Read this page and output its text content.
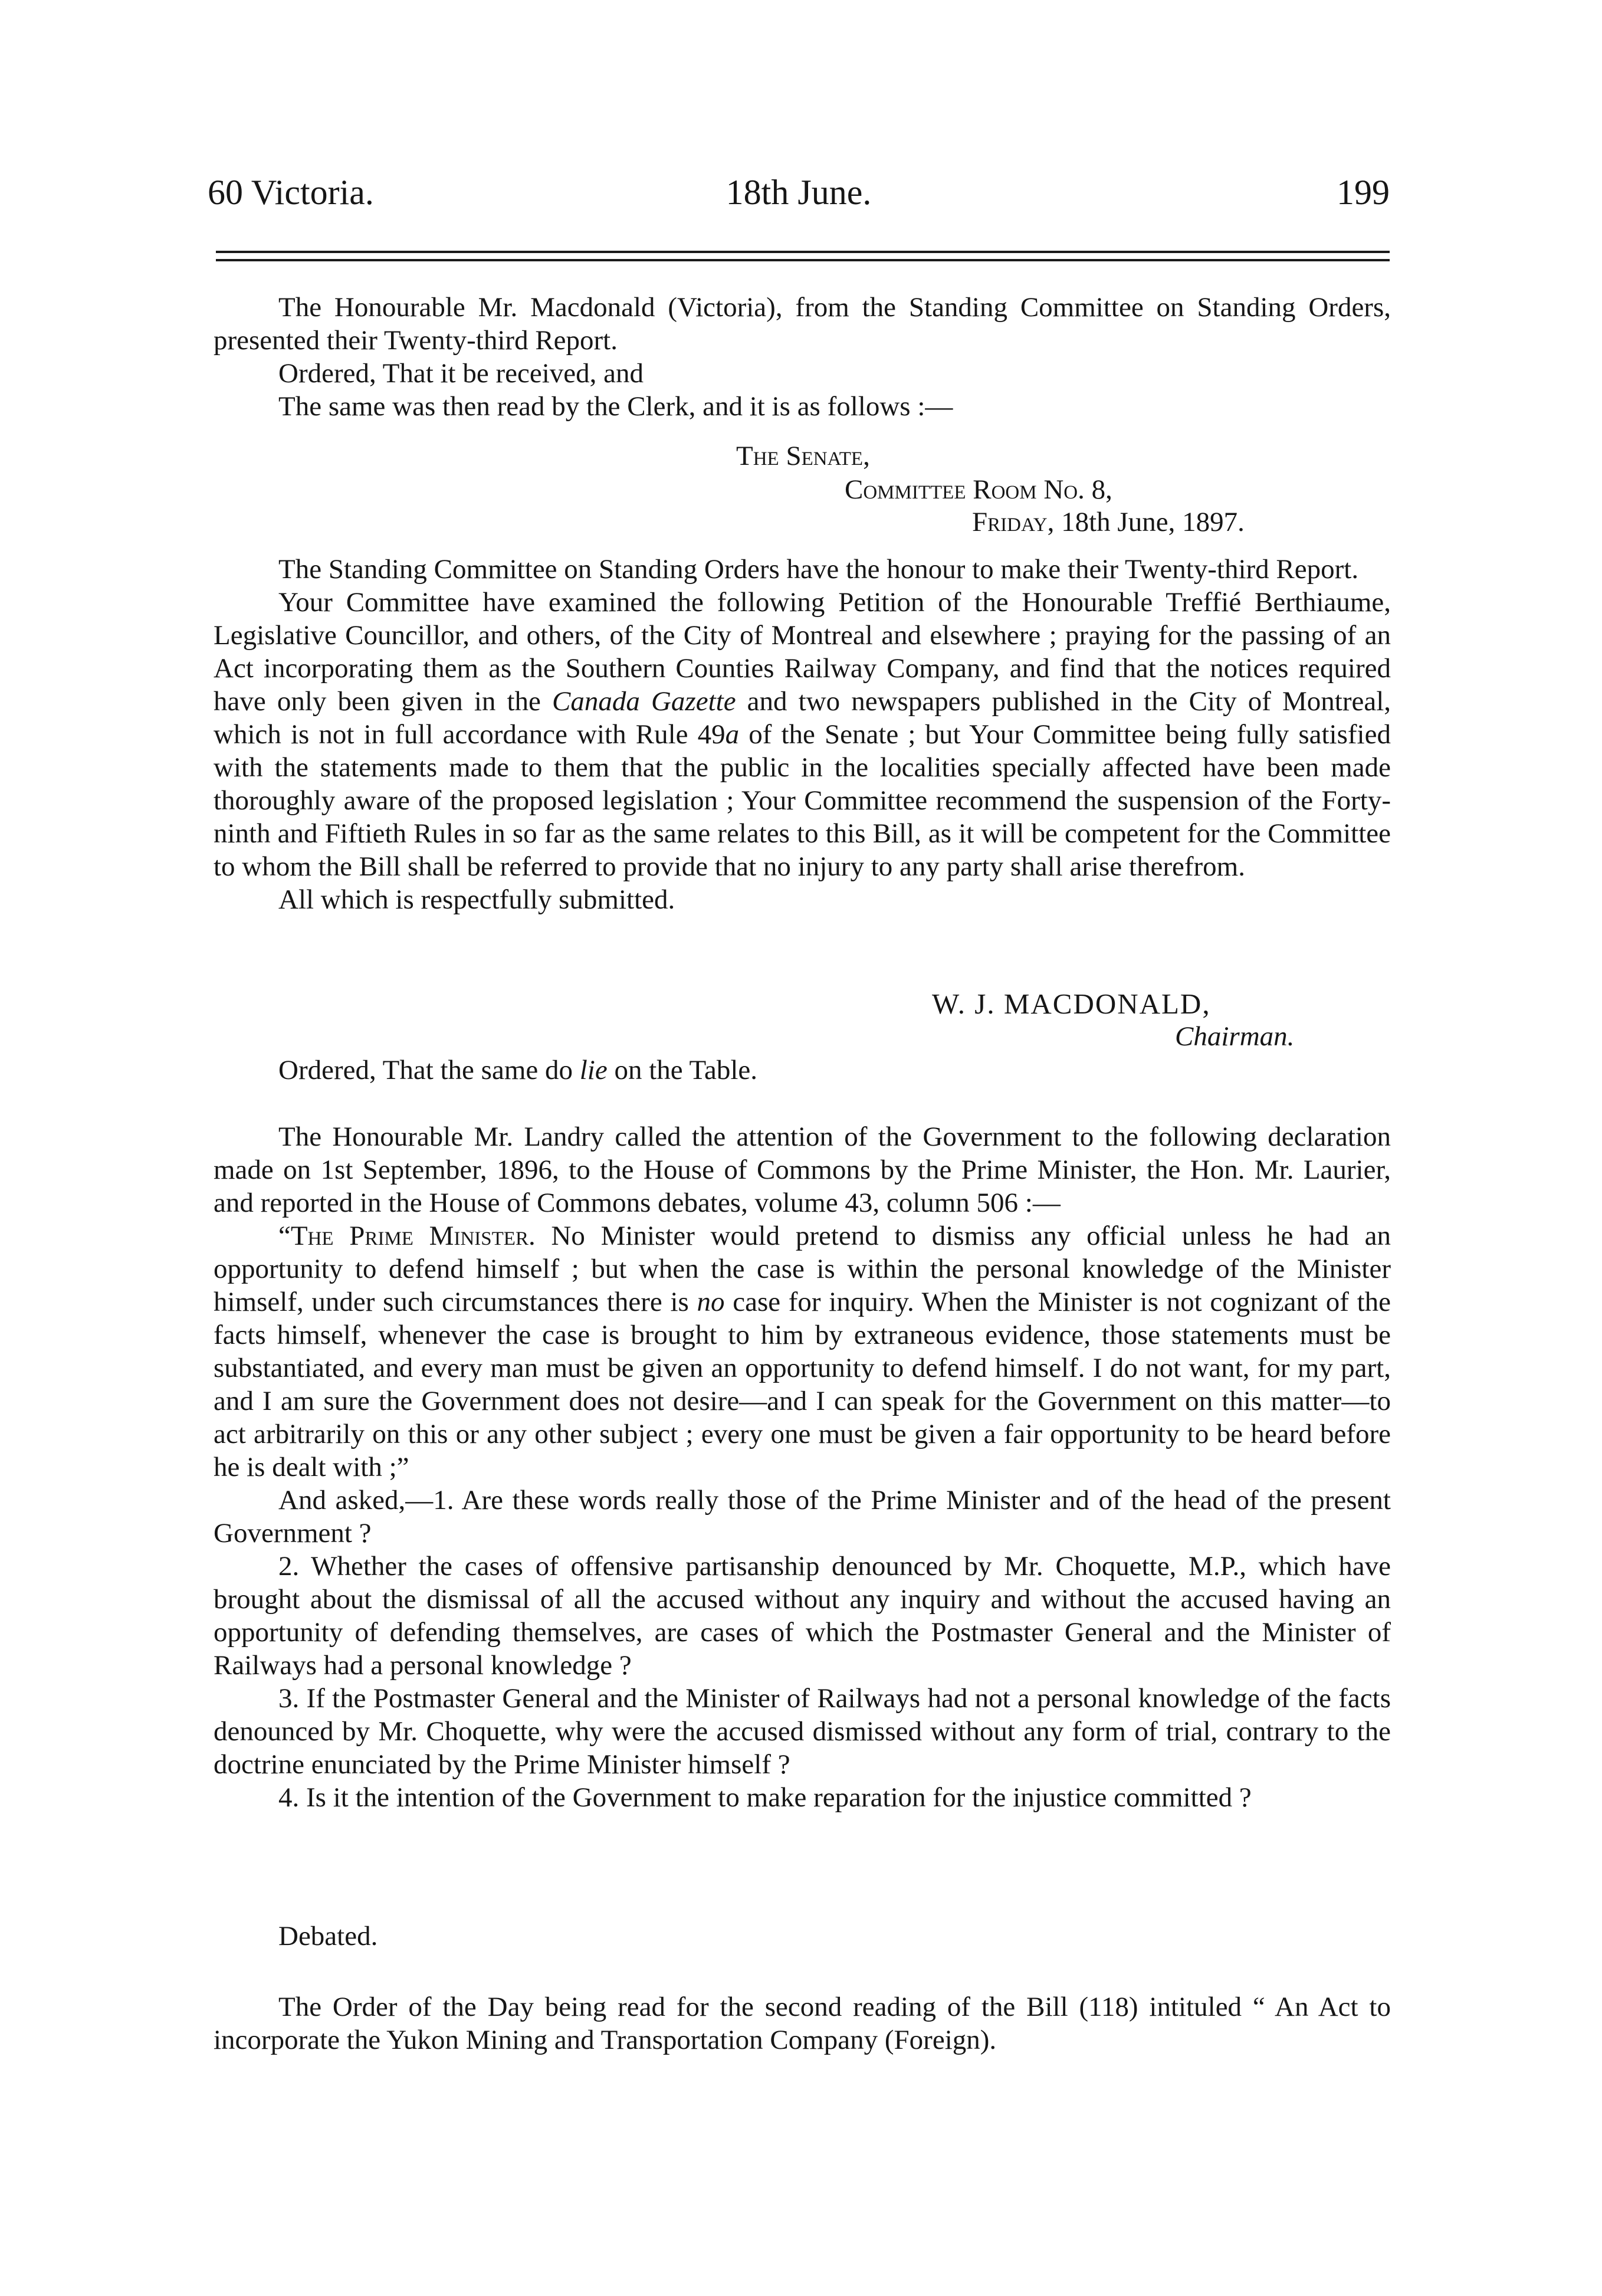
60 Victoria.	18th June.	199

The Honourable Mr. Macdonald (Victoria), from the Standing Committee on Standing Orders, presented their Twenty-third Report.

Ordered, That it be received, and

The same was then read by the Clerk, and it is as follows :—

The Senate,
Committee Room No. 8,
Friday, 18th June, 1897.

The Standing Committee on Standing Orders have the honour to make their Twenty-third Report.

Your Committee have examined the following Petition of the Honourable Treffié Berthiaume, Legislative Councillor, and others, of the City of Montreal and elsewhere ; praying for the passing of an Act incorporating them as the Southern Counties Railway Company, and find that the notices required have only been given in the Canada Gazette and two newspapers published in the City of Montreal, which is not in full accordance with Rule 49a of the Senate ; but Your Committee being fully satisfied with the statements made to them that the public in the localities specially affected have been made thoroughly aware of the proposed legislation ; Your Committee recommend the suspension of the Forty-ninth and Fiftieth Rules in so far as the same relates to this Bill, as it will be competent for the Committee to whom the Bill shall be referred to provide that no injury to any party shall arise therefrom.

All which is respectfully submitted.

W. J. MACDONALD,
Chairman.

Ordered, That the same do lie on the Table.

The Honourable Mr. Landry called the attention of the Government to the following declaration made on 1st September, 1896, to the House of Commons by the Prime Minister, the Hon. Mr. Laurier, and reported in the House of Commons debates, volume 43, column 506 :—

“The Prime Minister. No Minister would pretend to dismiss any official unless he had an opportunity to defend himself ; but when the case is within the personal knowledge of the Minister himself, under such circumstances there is no case for inquiry. When the Minister is not cognizant of the facts himself, whenever the case is brought to him by extraneous evidence, those statements must be substantiated, and every man must be given an opportunity to defend himself. I do not want, for my part, and I am sure the Government does not desire—and I can speak for the Government on this matter—to act arbitrarily on this or any other subject ; every one must be given a fair opportunity to be heard before he is dealt with ;”

And asked,—1. Are these words really those of the Prime Minister and of the head of the present Government ?

2. Whether the cases of offensive partisanship denounced by Mr. Choquette, M.P., which have brought about the dismissal of all the accused without any inquiry and without the accused having an opportunity of defending themselves, are cases of which the Postmaster General and the Minister of Railways had a personal knowledge ?

3. If the Postmaster General and the Minister of Railways had not a personal knowledge of the facts denounced by Mr. Choquette, why were the accused dismissed without any form of trial, contrary to the doctrine enunciated by the Prime Minister himself ?

4. Is it the intention of the Government to make reparation for the injustice committed ?

Debated.

The Order of the Day being read for the second reading of the Bill (118) intituled “ An Act to incorporate the Yukon Mining and Transportation Company (Foreign).
